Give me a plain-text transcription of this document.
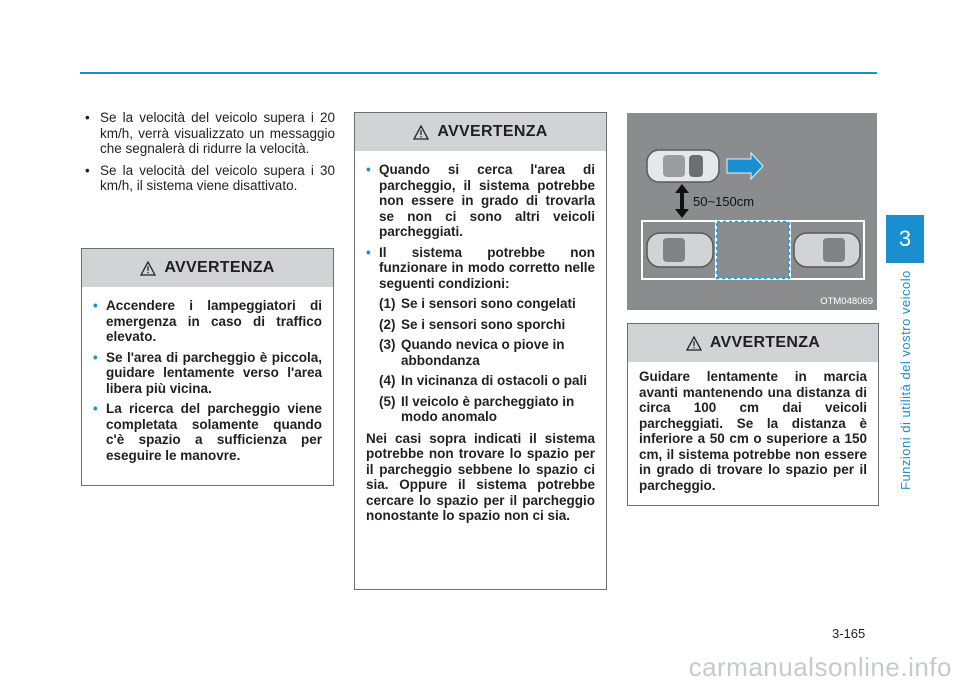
3
Funzioni di utilità del vostro veicolo
• Se la velocità del veicolo supera i 20 km/h, verrà visualizzato un messaggio che segnalerà di ridurre la velocità.
• Se la velocità del veicolo supera i 30 km/h, il sistema viene disattivato.
AVVERTENZA
• Accendere i lampeggiatori di emergenza in caso di traffico elevato.
• Se l'area di parcheggio è piccola, guidare lentamente verso l'area libera più vicina.
• La ricerca del parcheggio viene completata solamente quando c'è spazio a sufficienza per eseguire le manovre.
AVVERTENZA
• Quando si cerca l'area di parcheggio, il sistema potrebbe non essere in grado di trovarla se non ci sono altri veicoli parcheggiati.
• Il sistema potrebbe non funzionare in modo corretto nelle seguenti condizioni:
(1) Se i sensori sono congelati
(2) Se i sensori sono sporchi
(3) Quando nevica o piove in abbondanza
(4) In vicinanza di ostacoli o pali
(5) Il veicolo è parcheggiato in modo anomalo
Nei casi sopra indicati il sistema potrebbe non trovare lo spazio per il parcheggio sebbene lo spazio ci sia. Oppure il sistema potrebbe cercare lo spazio per il parcheggio nonostante lo spazio non ci sia.
50~150cm
OTM048069
AVVERTENZA
Guidare lentamente in marcia avanti mantenendo una distanza di circa 100 cm dai veicoli parcheggiati. Se la distanza è inferiore a 50 cm o superiore a 150 cm, il sistema potrebbe non essere in grado di trovare lo spazio per il parcheggio.
3-165
carmanualsonline.info
